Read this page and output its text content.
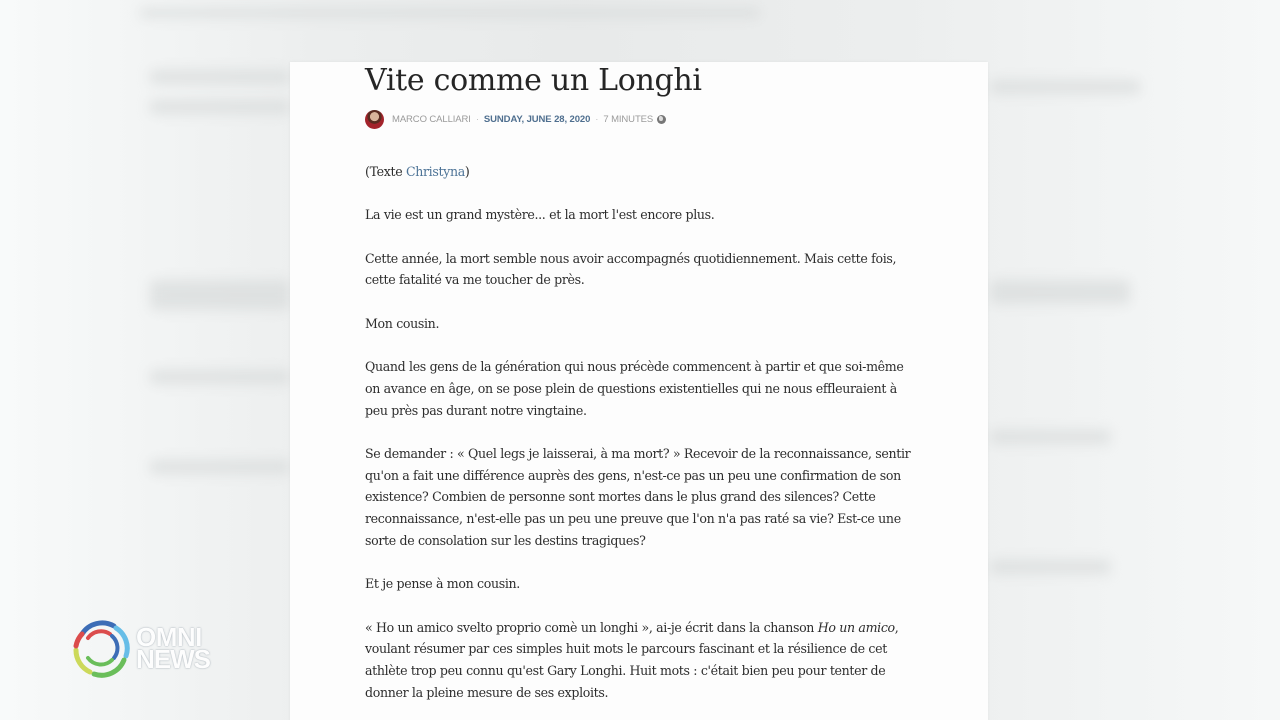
Vite comme un Longhi
MARCO CALLIARI · SUNDAY, JUNE 28, 2020 · 7 MINUTES

(Texte Christyna)

La vie est un grand mystère... et la mort l'est encore plus.

Cette année, la mort semble nous avoir accompagnés quotidiennement. Mais cette fois, cette fatalité va me toucher de près.

Mon cousin.

Quand les gens de la génération qui nous précède commencent à partir et que soi-même on avance en âge, on se pose plein de questions existentielles qui ne nous effleuraient à peu près pas durant notre vingtaine.

Se demander : « Quel legs je laisserai, à ma mort? » Recevoir de la reconnaissance, sentir qu'on a fait une différence auprès des gens, n'est-ce pas un peu une confirmation de son existence? Combien de personne sont mortes dans le plus grand des silences? Cette reconnaissance, n'est-elle pas un peu une preuve que l'on n'a pas raté sa vie? Est-ce une sorte de consolation sur les destins tragiques?

Et je pense à mon cousin.

« Ho un amico svelto proprio comè un longhi », ai-je écrit dans la chanson Ho un amico, voulant résumer par ces simples huit mots le parcours fascinant et la résilience de cet athlète trop peu connu qu'est Gary Longhi. Huit mots : c'était bien peu pour tenter de donner la pleine mesure de ses exploits.

OMNI
NEWS
